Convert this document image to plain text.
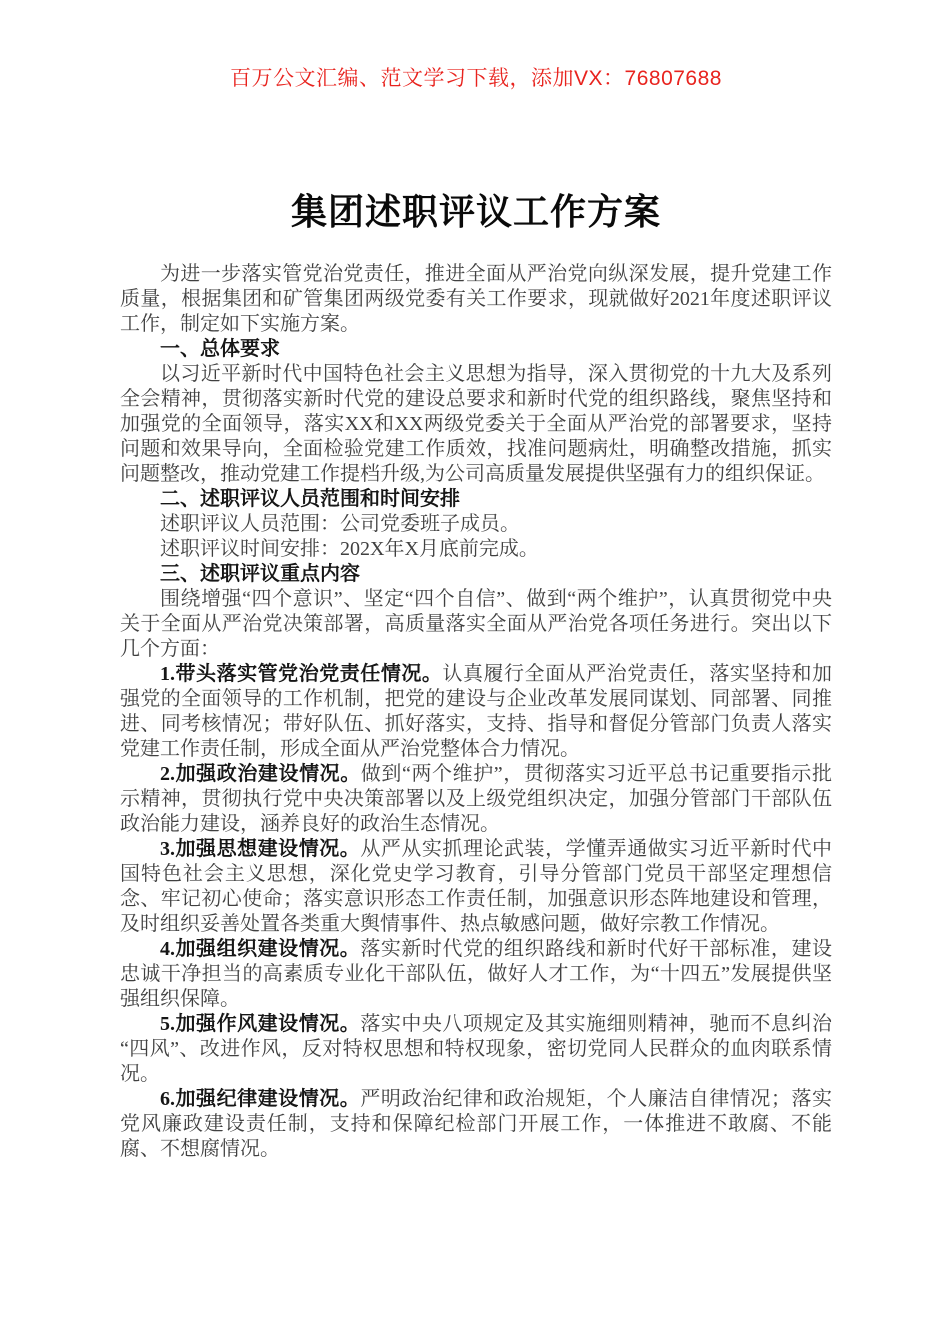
百万公文汇编、范文学习下载，添加VX：76807688
集团述职评议工作方案

为进一步落实管党治党责任，推进全面从严治党向纵深发展，提升党建工作质量，根据集团和矿管集团两级党委有关工作要求，现就做好2021年度述职评议工作，制定如下实施方案。

一、总体要求

以习近平新时代中国特色社会主义思想为指导，深入贯彻党的十九大及系列全会精神，贯彻落实新时代党的建设总要求和新时代党的组织路线，聚焦坚持和加强党的全面领导，落实XX和XX两级党委关于全面从严治党的部署要求，坚持问题和效果导向，全面检验党建工作质效，找准问题病灶，明确整改措施，抓实问题整改，推动党建工作提档升级,为公司高质量发展提供坚强有力的组织保证。

二、述职评议人员范围和时间安排

述职评议人员范围：公司党委班子成员。

述职评议时间安排：202X年X月底前完成。

三、述职评议重点内容

围绕增强“四个意识”、坚定“四个自信”、做到“两个维护”，认真贯彻党中央关于全面从严治党决策部署，高质量落实全面从严治党各项任务进行。突出以下几个方面：

1.带头落实管党治党责任情况。认真履行全面从严治党责任，落实坚持和加强党的全面领导的工作机制，把党的建设与企业改革发展同谋划、同部署、同推进、同考核情况；带好队伍、抓好落实，支持、指导和督促分管部门负责人落实党建工作责任制，形成全面从严治党整体合力情况。

2.加强政治建设情况。做到“两个维护”，贯彻落实习近平总书记重要指示批示精神，贯彻执行党中央决策部署以及上级党组织决定，加强分管部门干部队伍政治能力建设，涵养良好的政治生态情况。

3.加强思想建设情况。从严从实抓理论武装，学懂弄通做实习近平新时代中国特色社会主义思想，深化党史学习教育，引导分管部门党员干部坚定理想信念、牢记初心使命；落实意识形态工作责任制，加强意识形态阵地建设和管理，及时组织妥善处置各类重大舆情事件、热点敏感问题，做好宗教工作情况。

4.加强组织建设情况。落实新时代党的组织路线和新时代好干部标准，建设忠诚干净担当的高素质专业化干部队伍，做好人才工作，为“十四五”发展提供坚强组织保障。

5.加强作风建设情况。落实中央八项规定及其实施细则精神，驰而不息纠治“四风”、改进作风，反对特权思想和特权现象，密切党同人民群众的血肉联系情况。

6.加强纪律建设情况。严明政治纪律和政治规矩，个人廉洁自律情况；落实党风廉政建设责任制，支持和保障纪检部门开展工作，一体推进不敢腐、不能腐、不想腐情况。
